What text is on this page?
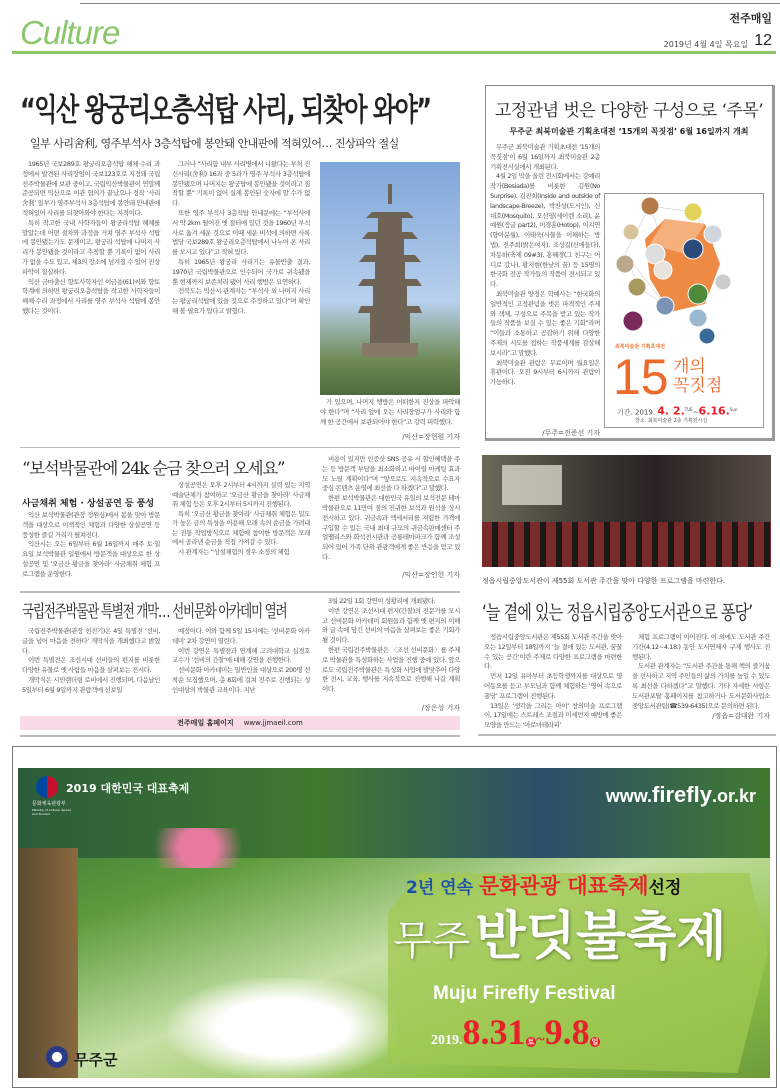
Culture	전주매일
2019년 4월 4일 목요일 12
“익산 왕궁리오층석탑 사리, 되찾아 와야”
일부 사리舍利, 영주부석사 3층석탑에 봉안돼 안내판에 적혀있어… 진상파악 절실

1965년 국보289호 왕궁리오층석탑 해체·수리 과정에서 발견된 사리장엄이 국보123호로 지정돼 국립전주박물관에 보관 중이고, 국립익산박물관이 연말께 준공되면 익산으로 이관 협의가 끝났으나 정작 ‘사리舍利’ 일부가 영주부석사 3층석탑에 봉안돼 안내판에 적혀있어 사리를 되찾아와야 한다는 지적이다.

특히 작고한 국내 사학자들이 왕궁리석탑 해체를 말았는데 어떤 절차와 과정을 거쳐 영주 부석사 석탑에 봉안됐는가도 문제이고, 왕궁리 석탑에 나머지 사리가 봉안됐을 것이라고 추정할 뿐 기록이 없어 사리가 없을 수도 있고, 제3의 장소에 넘겨질 수 있어 진상파악이 절실하다.

익산 금마출신 향토사학자인 이금용(61)씨와 향토 학계에 의하면 왕궁리오층석탑을 작고한 사학자들이 해체·수리 과정에서 사리를 영주 부석사 석탑에 봉안했다는 것이다.

그러나 “사리함 내부 사리병에서 나왔다는 부처 진신사리(舍利) 16과 중 5과가 영주 부석사 3층석탑에 봉안됐으며 나머지는 왕궁탑에 봉안됐을 것이라고 짐작할 뿐” 기록이 없어 실제 봉안된 숫자에 알 수가 없다.

또한 영주 부석사 3층석탑 안내문에는 “부석사에서 약 2km 떨어진 옛 절터에 있던 것을 1960년 부석사로 옮겨 세운 것으로 이때 세운 비석에 의하면 사록 법당 국보289호 왕궁리오층석탑에서 나누어 온 사리를 모시고 있다”고 적혀 있다.

특히 1965년 왕궁리 사리기는 유물반출 결과, 1970년 국립박물관으로 인수되어 국가로 귀속됐을 뿐 현재까지 보존처리 됐어 사리 행방은 묘연하다.

전북도는 익산시 관계자는 “부석사 외 나머지 사리는 왕궁리석탑에 있을 것으로 추정하고 있다”며 확인해 볼 필요가 있다고 밝혔다.

가 있으며, 나머지 행방은 어떠한지 진상을 파악해야 한다”며 “사리 앞에 오는 사리장엄구가 사리와 함께 한 공간에서 보관되어야 한다”고 강력 피력했다.

/익산=장현원 기자
고정관념 벗은 다양한 구성으로 ‘주목’
무주군 최북미술관 기획초대전 ‘15개의 꼭짓점’ 6월 16일까지 개최

무주군 최북미술관 기획초대전 ‘15개의 꼭짓점’이 6월 16일까지 최북미술관 2층 기획전시실에서 개최된다.

4월 2일 막을 올린 전시회에서는 강예리 작가(Besiada)를 비롯한 김원(No Surprise), 김진희(Inside and outside of landscape-Breeze), 박찬상(도시인), 신대호(Mosquito), 오선영(세이렌 소리), 윤예원(정글 part2), 이경훈(Hotop), 이지연(향아분월), 이태욱(사물을 이해하는 방법), 전주희(밝은여자), 조상길(신에들다), 차동하(축제 09#3), 홍혜경(그 친구는 어디로 갔나), 황지현(한낮의 꿈) 등 15명의 한국화 전공 작가들의 작품이 전시되고 있다.

최북미술관 양정은 학예사는 “한국화의 일반적인 고정관념을 벗은 파격적인 주제와 색채, 구성으로 주목을 받고 있는 작가들의 작품을 보실 수 있는 좋은 기회”라며 “이들과 소통하고 공감하기 위해 다양한 주제의 시도를 접하는 작품세계를 감상해 보시라”고 말했다.

최북미술관 관람은 무료이며 월요일은 휴관이다. 오전 9시부터 6시까지 관람이 가능하다.

/무주=전준선 기자
최북미술관 기획초대전
15 개의
꼭짓점
기간. 2019. 4. 2.$^{TUE}$~6.16.$^{Sun}$
장소. 최북미술관 2층 기획전시실
“보석박물관에 24k 순금 찾으러 오세요”
사금채취 체험 · 상설공연 등 풍성

익산 보석박물관(관장 정원심)에서 봄을 맞아 방문객을 대상으로 이색적인 체험과 다양한 상설공연 등 풍성한 즐길 거리가 펼쳐진다.

익산시는 오는 6일부터 6월 16일까지 매주 토·일요일 보석박물관 일원에서 방문객을 대상으로 한 상설공연 및 ‘오금산 황금을 찾아라’ 사금채취 체험 프로그램을 운영한다.

상설공연은 오후 2시부터 4시까지 실력 있는 지역 예술단체가 참여하고 ‘오금산 황금을 찾아라’ 사금채취 체험 등은 오후 2시부터 5시까지 진행된다.

특히 ‘오금산 황금을 찾아라’ 사금채취 체험은 밀도가 높은 금의 특성을 이용해 모래 속의 순금을 가려내는 전통 작업방식으로 체험에 참여한 방문객은 모래에서 골라낸 순금을 직접 가져갈 수 있다.

시 관계자는 “상설체험의 경우 소정의 체험

비용이 있지만 인증샷 SNS 공유 시 할인혜택을 주는 등 방문객 부담을 최소화하고 바이럴 마케팅 효과도 노릴 계획이다”며 “앞으로도 지속적으로 수요자 중심 콘텐츠 운영에 최선을 다 하겠다”고 말했다.

한편 보석박물관은 대한민국 유일의 보석전문 테마 박물관으로 11만여 점의 진귀한 보석과 원석을 상시 전시하고 있다. 귀금속과 액세서리를 저렴한 가격에 구입할 수 있는 국내 최대 규모의 귀금속판매센터 주얼팰리스와 화석전시관과 공룡테마파크가 함께 조성되어 있어 가족 단위 관광객에게 좋은 반응을 얻고 있다.

/익산=장인헌 기자
정읍시립중앙도서관이 제55회 도서관 주간을 맞아 다양한 프로그램을 마련한다.
국립전주박물관 특별전 개막… 선비문화 아카데미 열려

국립전주박물관(관장 천진기)은 4일 특별전 ‘선비, 글을 넘어 마음을 전하다’ 개막식을 개최했다고 밝혔다.

이번 특별전은 조선시대 선비들의 편지를 비롯한 다양한 유물로 옛 사람들 마음을 살펴보는 전시다.

개막식은 시민랜더링 로비에서 진행되며, 다음날인 5일부터 6월 9일까지 관람객에 선보일

예정이다. 이와 함께 5일 15시에는 ‘선비문화 아카데미’ 2차 강연이 열린다.

이번 강연은 특별전과 연계해 고려대학교 심경호 교수가 ‘선비의 간찰’에 대해 강연을 진행한다.

선비문화 아카데미는 일반인을 대상으로 200명 선착순 모집했으며, 총 8회에 걸쳐 전주로 진행되는 성인대상의 박물관 교육이다. 지난

3월 22일 1회 강연이 성황리에 개최됐다.

이번 강연은 조선시대 편지(간찰)의 전문가를 모시고 선비문화 아카데미 회원들과 함께 옛 편지의 이해와 글 속에 담긴 선비의 마음을 살펴보는 좋은 기회가 될 것이다.

한편 국립전주박물관은 〈조선 선비문화〉를 주제로 박물관을 특성화하는 사업을 진행 중에 있다. 앞으로도 국립전주박물관은 특성화 사업에 발맞추어 다양한 전시, 교육, 행사를 지속적으로 진행해 나갈 계획이다.

/장은성 기자
전주매일 홈페이지 www.jjmaeil.com
‘늘 곁에 있는 정읍시립중앙도서관으로 퐁당’

정읍시립중앙도서관은 제55회 도서관 주간을 맞아 오는 12일부터 18일까지 ‘늘 곁에 있는 도서관, 꿈꿀 수 있는 공간’이란 주제로 다양한 프로그램을 마련한다.

먼저 12일 유아부터 초등학생까지를 대상으로 영어동요를 듣고 부모님과 함께 체험하는 ‘영어 속으로 퐁당’ 프로그램이 진행된다.

13일은 ‘생각을 그리는 아이’ 창의미술 프로그램이, 17일에는 스트레스 조절과 미세먼지 예방에 좋은 모양을 만드는 ‘아로마테라피’

체험 프로그램이 이어진다. 이 외에도 도서관 주간 기간(4.12~4.18.) 동안 도서연체자 구제 행사도 진행된다.

도서관 관계자는 “도서관 주간을 통해 책의 즐거움을 선사하고 지역 주민들의 삶의 가치를 높일 수 있도록 최선을 다하겠다”고 말했다. 기타 자세한 사항은 도서관포탈 홈페이지를 참고하거나 도서문화사업소 중앙도서관팀(☎539-6435)으로 문의하면 된다.

/정읍=김대완 기자
2019 대한민국 대표축제
문화체육관광부
Ministry of Culture, Sports and Tourism
www.firefly.or.kr
2년 연속 문화관광 대표축제선정
무주 반딧불축제
Muju Firefly Festival
2019.8.31 토 ~9.8 일
무주군
